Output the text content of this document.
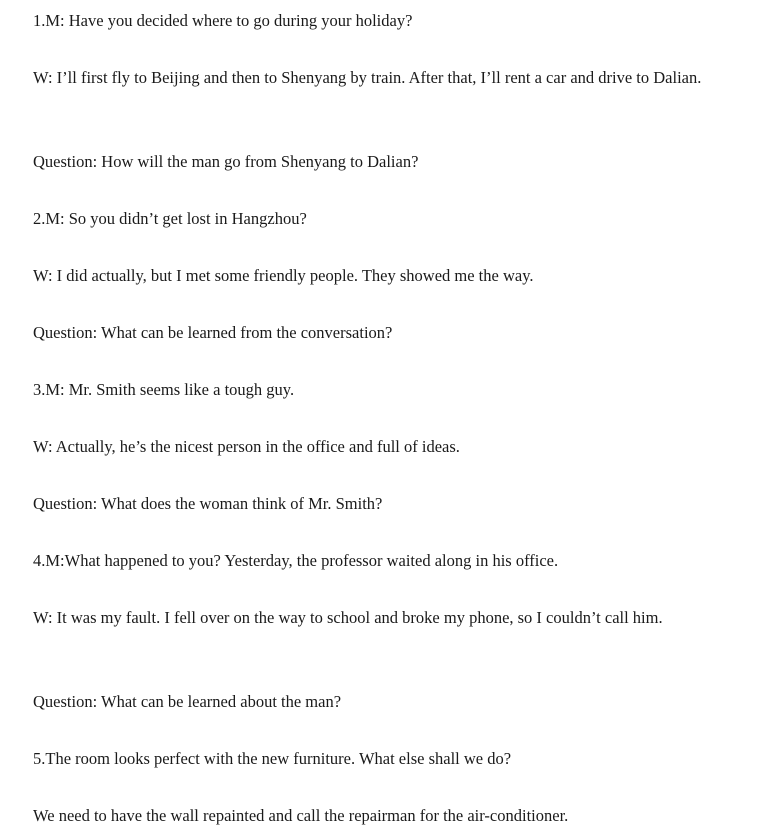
1.M: Have you decided where to go during your holiday?

W: I’ll first fly to Beijing and then to Shenyang by train. After that, I’ll rent a car and drive to Dalian.

Question: How will the man go from Shenyang to Dalian?

2.M: So you didn’t get lost in Hangzhou?

W: I did actually, but I met some friendly people. They showed me the way.

Question: What can be learned from the conversation?

3.M: Mr. Smith seems like a tough guy.

W: Actually, he’s the nicest person in the office and full of ideas.

Question: What does the woman think of Mr. Smith?

4.M:What happened to you? Yesterday, the professor waited along in his office.

W: It was my fault. I fell over on the way to school and broke my phone, so I couldn’t call him.

Question: What can be learned about the man?

5.The room looks perfect with the new furniture. What else shall we do?

We need to have the wall repainted and call the repairman for the air-conditioner.
